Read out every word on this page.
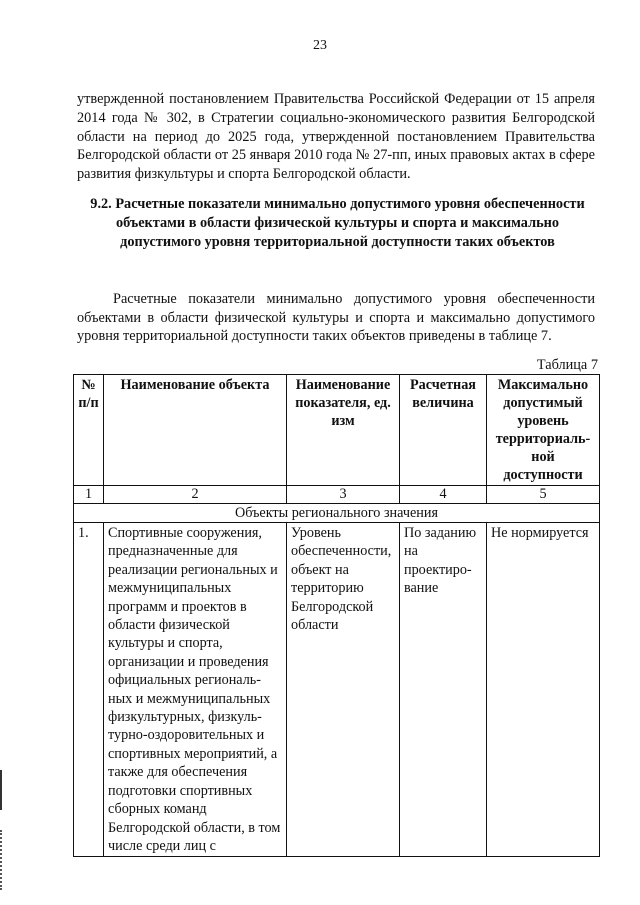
23

утвержденной постановлением Правительства Российской Федерации от 15 апреля 2014 года № 302, в Стратегии социально-экономического развития Белгородской области на период до 2025 года, утвержденной постановлением Правительства Белгородской области от 25 января 2010 года № 27-пп, иных правовых актах в сфере развития физкультуры и спорта Белгородской области.

9.2. Расчетные показатели минимально допустимого уровня обеспеченности объектами в области физической культуры и спорта и максимально допустимого уровня территориальной доступности таких объектов

Расчетные показатели минимально допустимого уровня обеспеченности объектами в области физической культуры и спорта и максимально допустимого уровня территориальной доступности таких объектов приведены в таблице 7.

Таблица 7
№ п/п	Наименование объекта	Наименование показателя, ед. изм	Расчетная величина	Максимально допустимый уровень территориаль-ной доступности
1	2	3	4	5
Объекты регионального значения				
1.	Спортивные сооружения, предназначенные для реализации региональных и межмуниципальных программ и проектов в области физической культуры и спорта, организации и проведения официальных региональ-ных и межмуниципальных физкультурных, физкуль-турно-оздоровительных и спортивных мероприятий, а также для обеспечения подготовки спортивных сборных команд Белгородской области, в том числе среди лиц с	Уровень обеспеченности, объект на территорию Белгородской области	По заданию на проектиро-вание	Не нормируется
